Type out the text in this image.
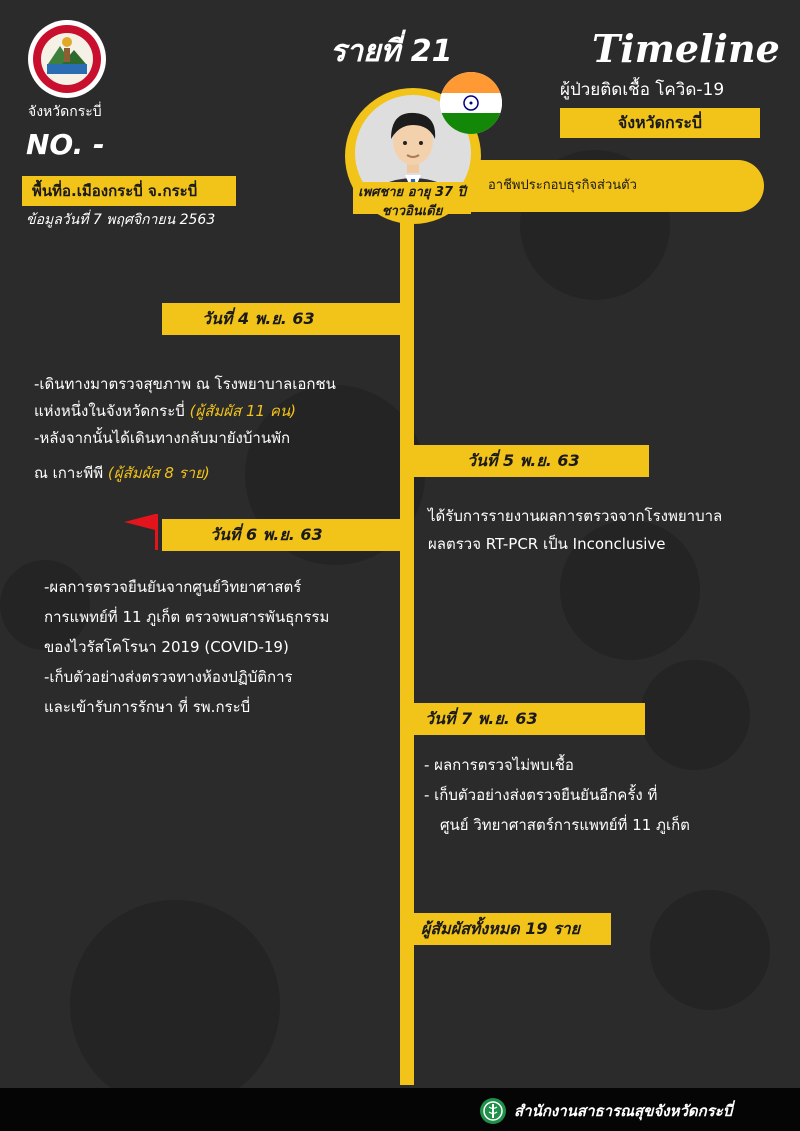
จังหวัดกระบี่
NO. -
พื้นที่อ.เมืองกระบี่ จ.กระบี่
ข้อมูลวันที่ 7 พฤศจิกายน 2563
รายที่ 21	Timeline
ผู้ป่วยติดเชื้อ โควิด-19
จังหวัดกระบี่
อาชีพประกอบธุรกิจส่วนตัว
เพศชาย อายุ 37 ปี
ชาวอินเดีย
วันที่ 4 พ.ย. 63
-เดินทางมาตรวจสุขภาพ ณ โรงพยาบาลเอกชน
แห่งหนึ่งในจังหวัดกระบี่ (ผู้สัมผัส 11 คน)
-หลังจากนั้นได้เดินทางกลับมายังบ้านพัก
ณ เกาะพีพี (ผู้สัมผัส 8 ราย)
วันที่ 5 พ.ย. 63
ได้รับการรายงานผลการตรวจจากโรงพยาบาล
ผลตรวจ RT-PCR เป็น Inconclusive
วันที่ 6 พ.ย. 63
-ผลการตรวจยืนยันจากศูนย์วิทยาศาสตร์
การแพทย์ที่ 11 ภูเก็ต ตรวจพบสารพันธุกรรม
ของไวรัสโคโรนา 2019 (COVID-19)
-เก็บตัวอย่างส่งตรวจทางห้องปฏิบัติการ
และเข้ารับการรักษา ที่ รพ.กระบี่
วันที่ 7 พ.ย. 63
- ผลการตรวจไม่พบเชื้อ
- เก็บตัวอย่างส่งตรวจยืนยันอีกครั้ง ที่
ศูนย์ วิทยาศาสตร์การแพทย์ที่ 11 ภูเก็ต
ผู้สัมผัสทั้งหมด 19 ราย
สำนักงานสาธารณสุขจังหวัดกระบี่
